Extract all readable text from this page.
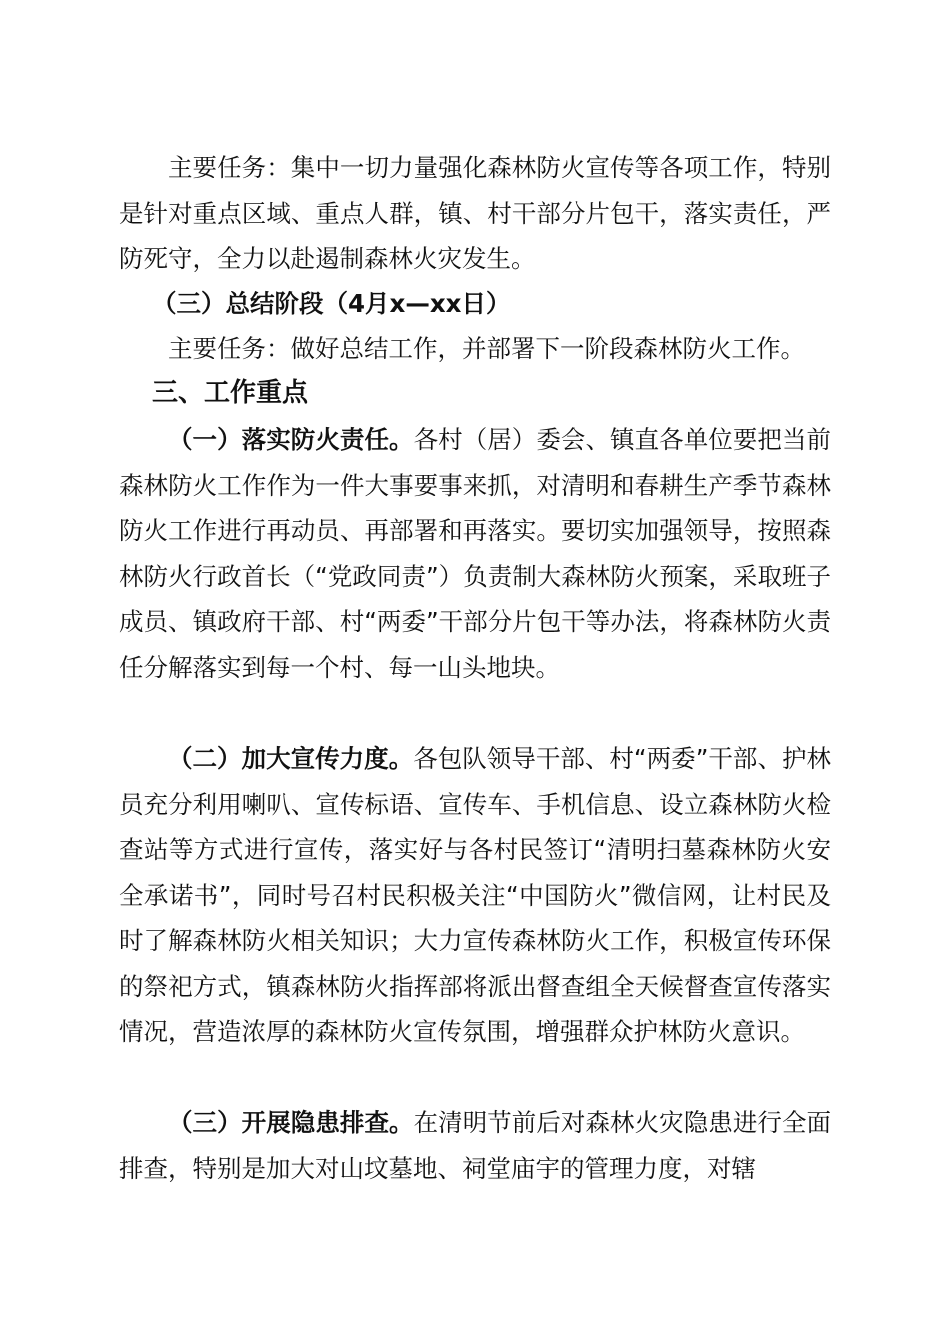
主要任务：集中一切力量强化森林防火宣传等各项工作，特别是针对重点区域、重点人群，镇、村干部分片包干，落实责任，严防死守，全力以赴遏制森林火灾发生。

（三）总结阶段（4月x—xx日）

主要任务：做好总结工作，并部署下一阶段森林防火工作。

三、工作重点

（一）落实防火责任。各村（居）委会、镇直各单位要把当前森林防火工作作为一件大事要事来抓，对清明和春耕生产季节森林防火工作进行再动员、再部署和再落实。要切实加强领导，按照森林防火行政首长（“党政同责”）负责制大森林防火预案，采取班子成员、镇政府干部、村“两委”干部分片包干等办法，将森林防火责任分解落实到每一个村、每一山头地块。

（二）加大宣传力度。各包队领导干部、村“两委”干部、护林员充分利用喇叭、宣传标语、宣传车、手机信息、设立森林防火检查站等方式进行宣传，落实好与各村民签订“清明扫墓森林防火安全承诺书”，同时号召村民积极关注“中国防火”微信网，让村民及时了解森林防火相关知识；大力宣传森林防火工作，积极宣传环保的祭祀方式，镇森林防火指挥部将派出督查组全天候督查宣传落实情况，营造浓厚的森林防火宣传氛围，增强群众护林防火意识。

（三）开展隐患排查。在清明节前后对森林火灾隐患进行全面排查，特别是加大对山坟墓地、祠堂庙宇的管理力度，对辖
